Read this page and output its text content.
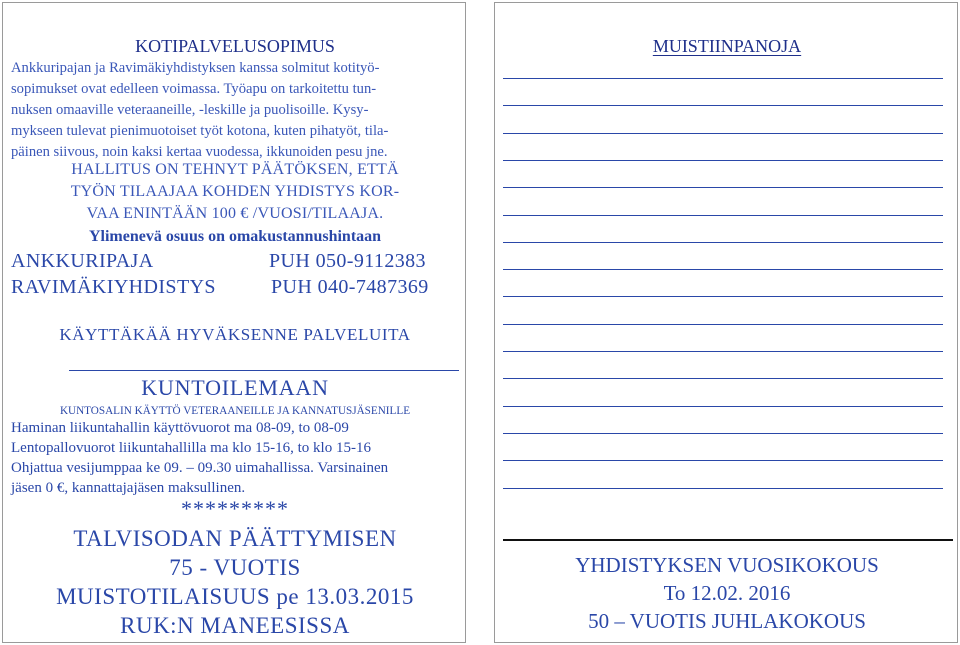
KOTIPALVELUSOPIMUS
Ankkuripajan ja Ravimäkiyhdistyksen kanssa solmitut kotityö-
sopimukset ovat edelleen voimassa. Työapu on tarkoitettu tun-
nuksen omaaville veteraaneille, -leskille ja puolisoille. Kysy-
mykseen tulevat pienimuotoiset työt kotona, kuten pihatyöt, tila-
päinen siivous, noin kaksi kertaa vuodessa, ikkunoiden pesu jne.
HALLITUS ON TEHNYT PÄÄTÖKSEN, ETTÄ
TYÖN TILAAJAA KOHDEN YHDISTYS KOR-
VAA ENINTÄÄN 100 € /VUOSI/TILAAJA.
Ylimenevä osuus on omakustannushintaan
ANKKURIPAJA	PUH 050-9112383
RAVIMÄKIYHDISTYS	PUH 040-7487369
KÄYTTÄKÄÄ HYVÄKSENNE PALVELUITA
KUNTOILEMAAN
KUNTOSALIN KÄYTTÖ VETERAANEILLE JA KANNATUSJÄSENILLE
Haminan liikuntahallin käyttövuorot ma 08-09, to 08-09
Lentopallovuorot liikuntahallilla ma klo 15-16, to klo 15-16
Ohjattua vesijumppaa ke 09. – 09.30 uimahallissa. Varsinainen
jäsen 0 €, kannattajajäsen maksullinen.
*********
TALVISODAN PÄÄTTYMISEN
75 - VUOTIS
MUISTOTILAISUUS pe 13.03.2015
RUK:N MANEESISSA
MUISTIINPANOJA
YHDISTYKSEN VUOSIKOKOUS
To 12.02. 2016
50 – VUOTIS JUHLAKOKOUS
